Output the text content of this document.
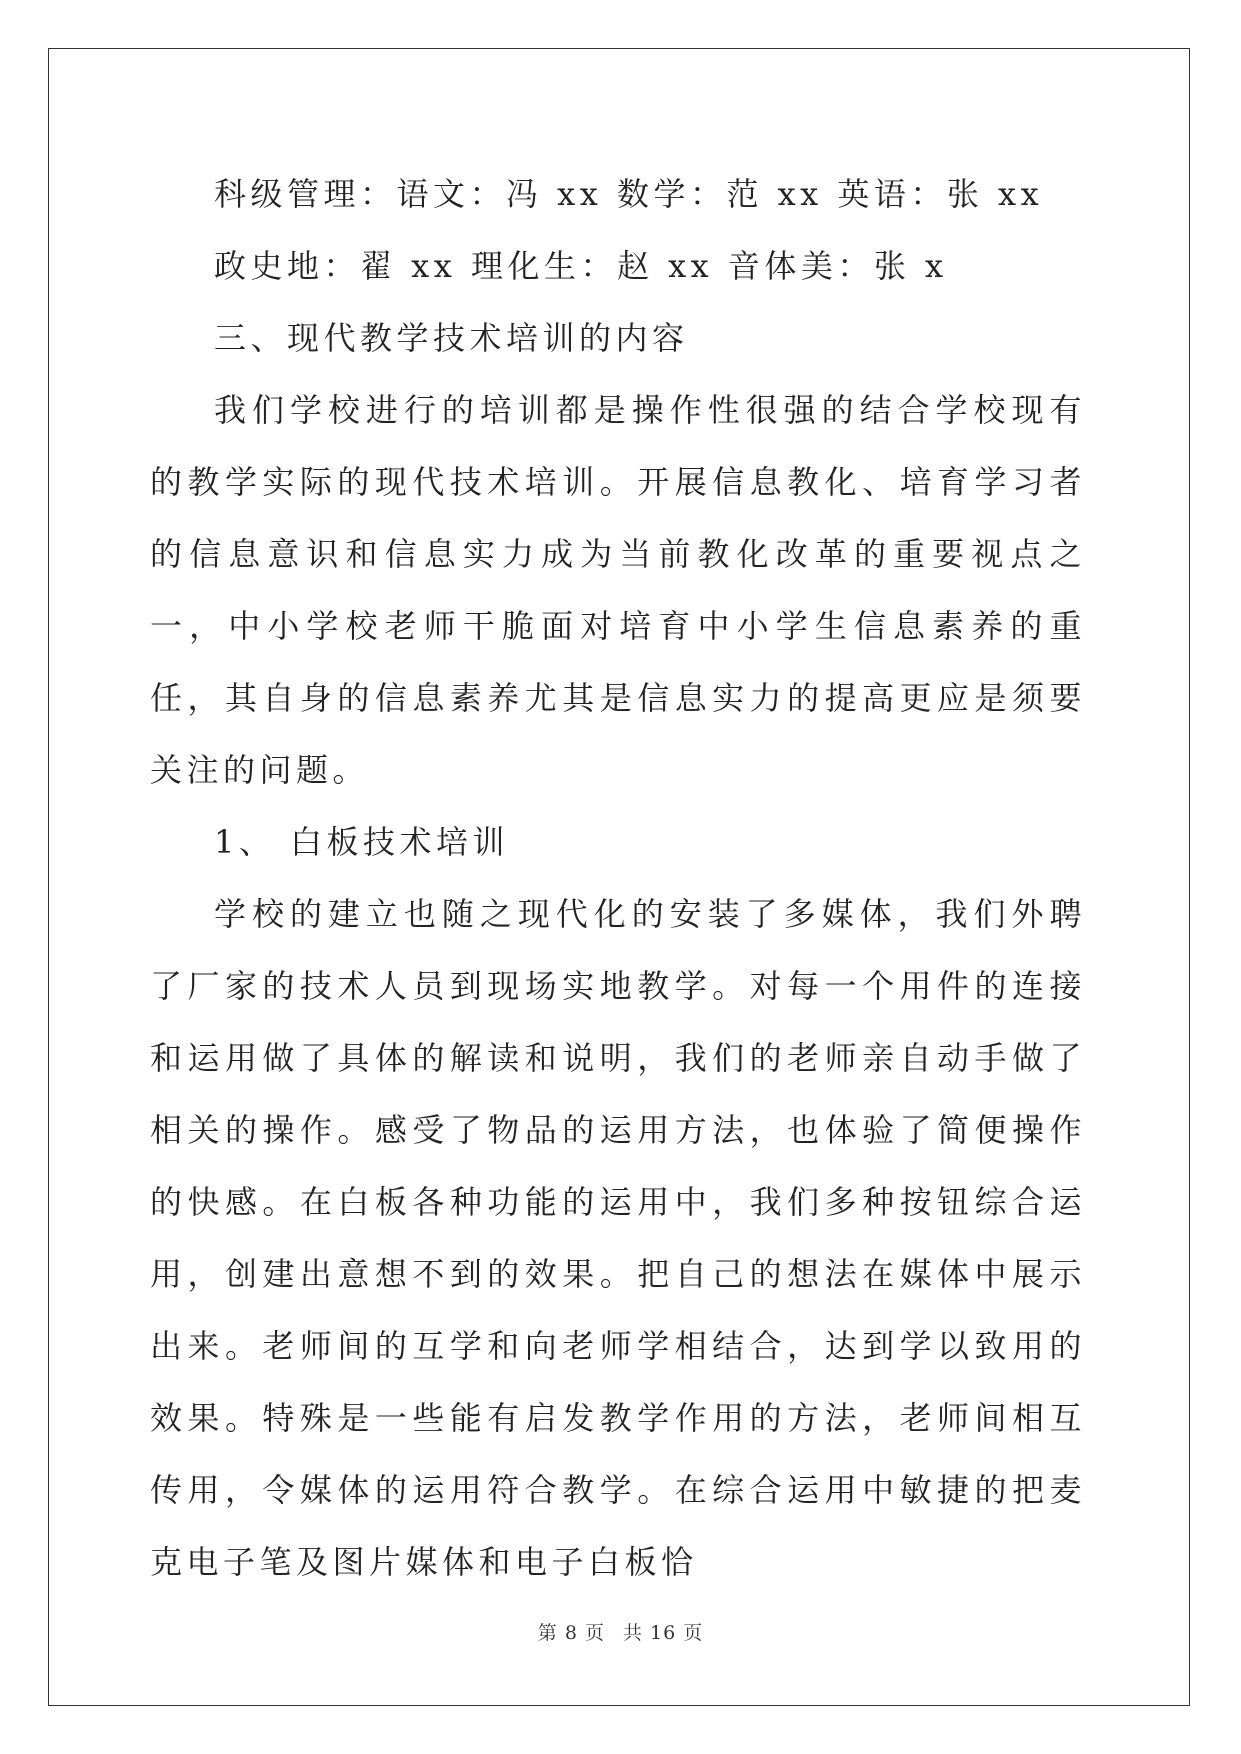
科级管理：语文：冯 xx 数学：范 xx 英语：张 xx

政史地：翟 xx 理化生：赵 xx 音体美：张 x

三、现代教学技术培训的内容

我们学校进行的培训都是操作性很强的结合学校现有的教学实际的现代技术培训。开展信息教化、培育学习者的信息意识和信息实力成为当前教化改革的重要视点之一，中小学校老师干脆面对培育中小学生信息素养的重任，其自身的信息素养尤其是信息实力的提高更应是须要关注的问题。

1、 白板技术培训

学校的建立也随之现代化的安装了多媒体，我们外聘了厂家的技术人员到现场实地教学。对每一个用件的连接和运用做了具体的解读和说明，我们的老师亲自动手做了相关的操作。感受了物品的运用方法，也体验了简便操作的快感。在白板各种功能的运用中，我们多种按钮综合运用，创建出意想不到的效果。把自己的想法在媒体中展示出来。老师间的互学和向老师学相结合，达到学以致用的效果。特殊是一些能有启发教学作用的方法，老师间相互传用，令媒体的运用符合教学。在综合运用中敏捷的把麦克电子笔及图片媒体和电子白板恰

第 8 页 共 16 页
